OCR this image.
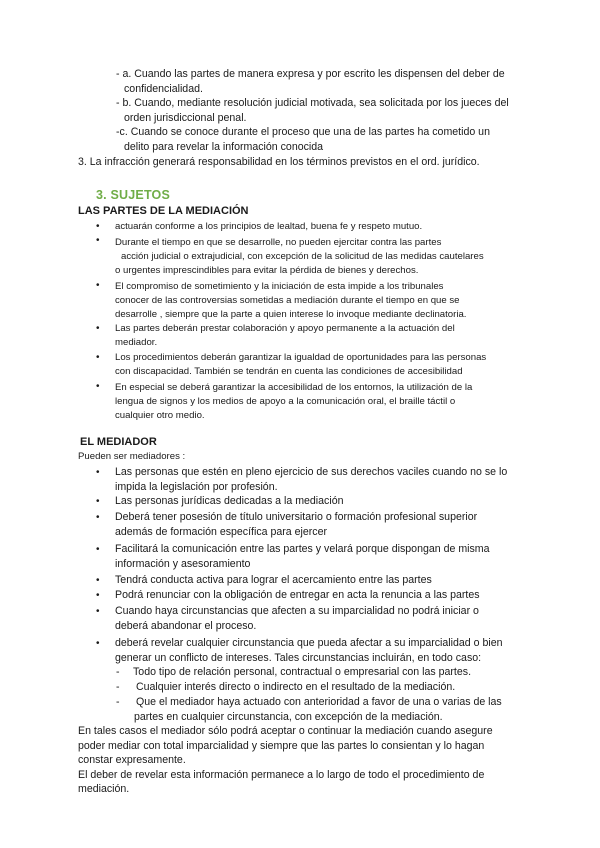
- a. Cuando las partes de manera expresa y por escrito les dispensen del deber de
confidencialidad.
- b. Cuando, mediante resolución judicial motivada, sea solicitada por los jueces del
orden jurisdiccional penal.
-c. Cuando se conoce durante el proceso que una de las partes ha cometido un
delito para revelar la información conocida
3. La infracción generará responsabilidad en los términos previstos en el ord. jurídico.
3. SUJETOS
LAS PARTES DE LA MEDIACIÓN
• actuarán conforme a los principios de lealtad, buena fe y respeto mutuo.
• Durante el tiempo en que se desarrolle, no pueden ejercitar contra las partes
acción judicial o extrajudicial, con excepción de la solicitud de las medidas cautelares
o urgentes imprescindibles para evitar la pérdida de bienes y derechos.
• El compromiso de sometimiento y la iniciación de esta impide a los tribunales
conocer de las controversias sometidas a mediación durante el tiempo en que se
desarrolle , siempre que la parte a quien interese lo invoque mediante declinatoria.
• Las partes deberán prestar colaboración y apoyo permanente a la actuación del
mediador.
• Los procedimientos deberán garantizar la igualdad de oportunidades para las personas
con discapacidad. También se tendrán en cuenta las condiciones de accesibilidad
• En especial se deberá garantizar la accesibilidad de los entornos, la utilización de la
lengua de signos y los medios de apoyo a la comunicación oral, el braille táctil o
cualquier otro medio.
EL MEDIADOR
Pueden ser mediadores :
• Las personas que estén en pleno ejercicio de sus derechos vaciles cuando no se lo
impida la legislación por profesión.
• Las personas jurídicas dedicadas a la mediación
• Deberá tener posesión de título universitario o formación profesional superior
además de formación específica para ejercer
• Facilitará la comunicación entre las partes y velará porque dispongan de misma
información y asesoramiento
• Tendrá conducta activa para lograr el acercamiento entre las partes
• Podrá renunciar con la obligación de entregar en acta la renuncia a las partes
• Cuando haya circunstancias que afecten a su imparcialidad no podrá iniciar o
deberá abandonar el proceso.
• deberá revelar cualquier circunstancia que pueda afectar a su imparcialidad o bien
generar un conflicto de intereses. Tales circunstancias incluirán, en todo caso:
- Todo tipo de relación personal, contractual o empresarial con las partes.
- Cualquier interés directo o indirecto en el resultado de la mediación.
- Que el mediador haya actuado con anterioridad a favor de una o varias de las
partes en cualquier circunstancia, con excepción de la mediación.
En tales casos el mediador sólo podrá aceptar o continuar la mediación cuando asegure
poder mediar con total imparcialidad y siempre que las partes lo consientan y lo hagan
constar expresamente.
El deber de revelar esta información permanece a lo largo de todo el procedimiento de
mediación.
